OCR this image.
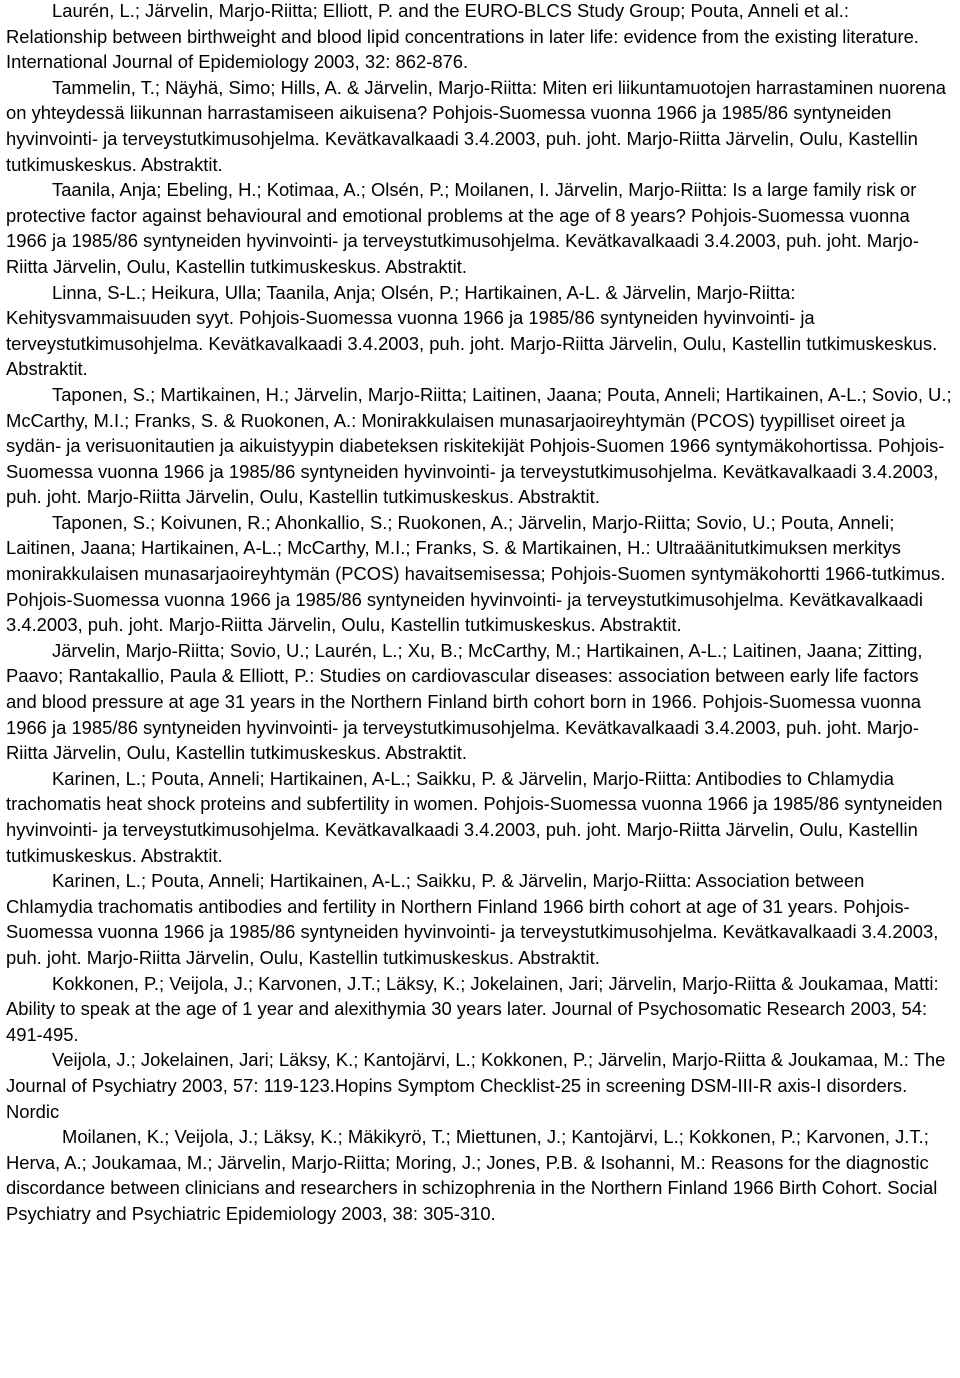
Laurén, L.; Järvelin, Marjo-Riitta; Elliott, P. and the EURO-BLCS Study Group; Pouta, Anneli et al.: Relationship between birthweight and blood lipid concentrations in later life: evidence from the existing literature. International Journal of Epidemiology 2003, 32: 862-876.

Tammelin, T.; Näyhä, Simo; Hills, A. & Järvelin, Marjo-Riitta: Miten eri liikuntamuotojen harrastaminen nuorena on yhteydessä liikunnan harrastamiseen aikuisena? Pohjois-Suomessa vuonna 1966 ja 1985/86 syntyneiden hyvinvointi- ja terveystutkimusohjelma. Kevätkavalkaadi 3.4.2003, puh. joht. Marjo-Riitta Järvelin, Oulu, Kastellin tutkimuskeskus. Abstraktit.

Taanila, Anja; Ebeling, H.; Kotimaa, A.; Olsén, P.; Moilanen, I. Järvelin, Marjo-Riitta: Is a large family risk or protective factor against behavioural and emotional problems at the age of 8 years? Pohjois-Suomessa vuonna 1966 ja 1985/86 syntyneiden hyvinvointi- ja terveystutkimusohjelma. Kevätkavalkaadi 3.4.2003, puh. joht. Marjo-Riitta Järvelin, Oulu, Kastellin tutkimuskeskus. Abstraktit.

Linna, S-L.; Heikura, Ulla; Taanila, Anja; Olsén, P.; Hartikainen, A-L. & Järvelin, Marjo-Riitta: Kehitysvammaisuuden syyt. Pohjois-Suomessa vuonna 1966 ja 1985/86 syntyneiden hyvinvointi- ja terveystutkimusohjelma. Kevätkavalkaadi 3.4.2003, puh. joht. Marjo-Riitta Järvelin, Oulu, Kastellin tutkimuskeskus. Abstraktit.

Taponen, S.; Martikainen, H.; Järvelin, Marjo-Riitta; Laitinen, Jaana; Pouta, Anneli; Hartikainen, A-L.; Sovio, U.; McCarthy, M.I.; Franks, S. & Ruokonen, A.: Monirakkulaisen munasarjaoireyhtymän (PCOS) tyypilliset oireet ja sydän- ja verisuonitautien ja aikuistyypin diabeteksen riskitekijät Pohjois-Suomen 1966 syntymäkohortissa. Pohjois-Suomessa vuonna 1966 ja 1985/86 syntyneiden hyvinvointi- ja terveystutkimusohjelma. Kevätkavalkaadi 3.4.2003, puh. joht. Marjo-Riitta Järvelin, Oulu, Kastellin tutkimuskeskus. Abstraktit.

Taponen, S.; Koivunen, R.; Ahonkallio, S.; Ruokonen, A.; Järvelin, Marjo-Riitta; Sovio, U.; Pouta, Anneli; Laitinen, Jaana; Hartikainen, A-L.; McCarthy, M.I.; Franks, S. & Martikainen, H.: Ultraäänitutkimuksen merkitys monirakkulaisen munasarjaoireyhtymän (PCOS) havaitsemisessa; Pohjois-Suomen syntymäkohortti 1966-tutkimus. Pohjois-Suomessa vuonna 1966 ja 1985/86 syntyneiden hyvinvointi- ja terveystutkimusohjelma. Kevätkavalkaadi 3.4.2003, puh. joht. Marjo-Riitta Järvelin, Oulu, Kastellin tutkimuskeskus. Abstraktit.

Järvelin, Marjo-Riitta; Sovio, U.; Laurén, L.; Xu, B.; McCarthy, M.; Hartikainen, A-L.; Laitinen, Jaana; Zitting, Paavo; Rantakallio, Paula & Elliott, P.: Studies on cardiovascular diseases: association between early life factors and blood pressure at age 31 years in the Northern Finland birth cohort born in 1966. Pohjois-Suomessa vuonna 1966 ja 1985/86 syntyneiden hyvinvointi- ja terveystutkimusohjelma. Kevätkavalkaadi 3.4.2003, puh. joht. Marjo-Riitta Järvelin, Oulu, Kastellin tutkimuskeskus. Abstraktit.

Karinen, L.; Pouta, Anneli; Hartikainen, A-L.; Saikku, P. & Järvelin, Marjo-Riitta: Antibodies to Chlamydia trachomatis heat shock proteins and subfertility in women. Pohjois-Suomessa vuonna 1966 ja 1985/86 syntyneiden hyvinvointi- ja terveystutkimusohjelma. Kevätkavalkaadi 3.4.2003, puh. joht. Marjo-Riitta Järvelin, Oulu, Kastellin tutkimuskeskus. Abstraktit.

Karinen, L.; Pouta, Anneli; Hartikainen, A-L.; Saikku, P. & Järvelin, Marjo-Riitta: Association between Chlamydia trachomatis antibodies and fertility in Northern Finland 1966 birth cohort at age of 31 years. Pohjois-Suomessa vuonna 1966 ja 1985/86 syntyneiden hyvinvointi- ja terveystutkimusohjelma. Kevätkavalkaadi 3.4.2003, puh. joht. Marjo-Riitta Järvelin, Oulu, Kastellin tutkimuskeskus. Abstraktit.

Kokkonen, P.; Veijola, J.; Karvonen, J.T.; Läksy, K.; Jokelainen, Jari; Järvelin, Marjo-Riitta & Joukamaa, Matti: Ability to speak at the age of 1 year and alexithymia 30 years later. Journal of Psychosomatic Research 2003, 54: 491-495.

Veijola, J.; Jokelainen, Jari; Läksy, K.; Kantojärvi, L.; Kokkonen, P.; Järvelin, Marjo-Riitta & Joukamaa, M.: The Journal of Psychiatry 2003, 57: 119-123.Hopins Symptom Checklist-25 in screening DSM-III-R axis-I disorders. Nordic

Moilanen, K.; Veijola, J.; Läksy, K.; Mäkikyrö, T.; Miettunen, J.; Kantojärvi, L.; Kokkonen, P.; Karvonen, J.T.; Herva, A.; Joukamaa, M.; Järvelin, Marjo-Riitta; Moring, J.; Jones, P.B. & Isohanni, M.: Reasons for the diagnostic discordance between clinicians and researchers in schizophrenia in the Northern Finland 1966 Birth Cohort. Social Psychiatry and Psychiatric Epidemiology 2003, 38: 305-310.
